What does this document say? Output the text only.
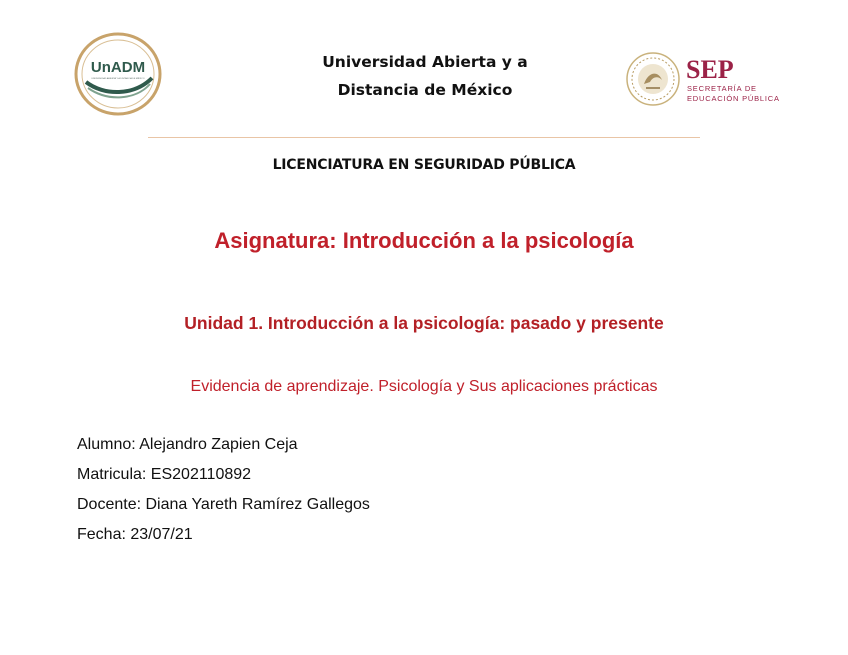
UnADM
UNIVERSIDAD ABIERTA Y A DISTANCIA DE MÉXICO
Universidad Abierta y a
Distancia de México
SEP
SECRETARÍA DE
EDUCACIÓN PÚBLICA
LICENCIATURA EN SEGURIDAD PÚBLICA
Asignatura: Introducción a la psicología
Unidad 1. Introducción a la psicología: pasado y presente
Evidencia de aprendizaje. Psicología y Sus aplicaciones prácticas
Alumno: Alejandro Zapien Ceja
Matricula: ES202110892
Docente: Diana Yareth Ramírez Gallegos
Fecha: 23/07/21
